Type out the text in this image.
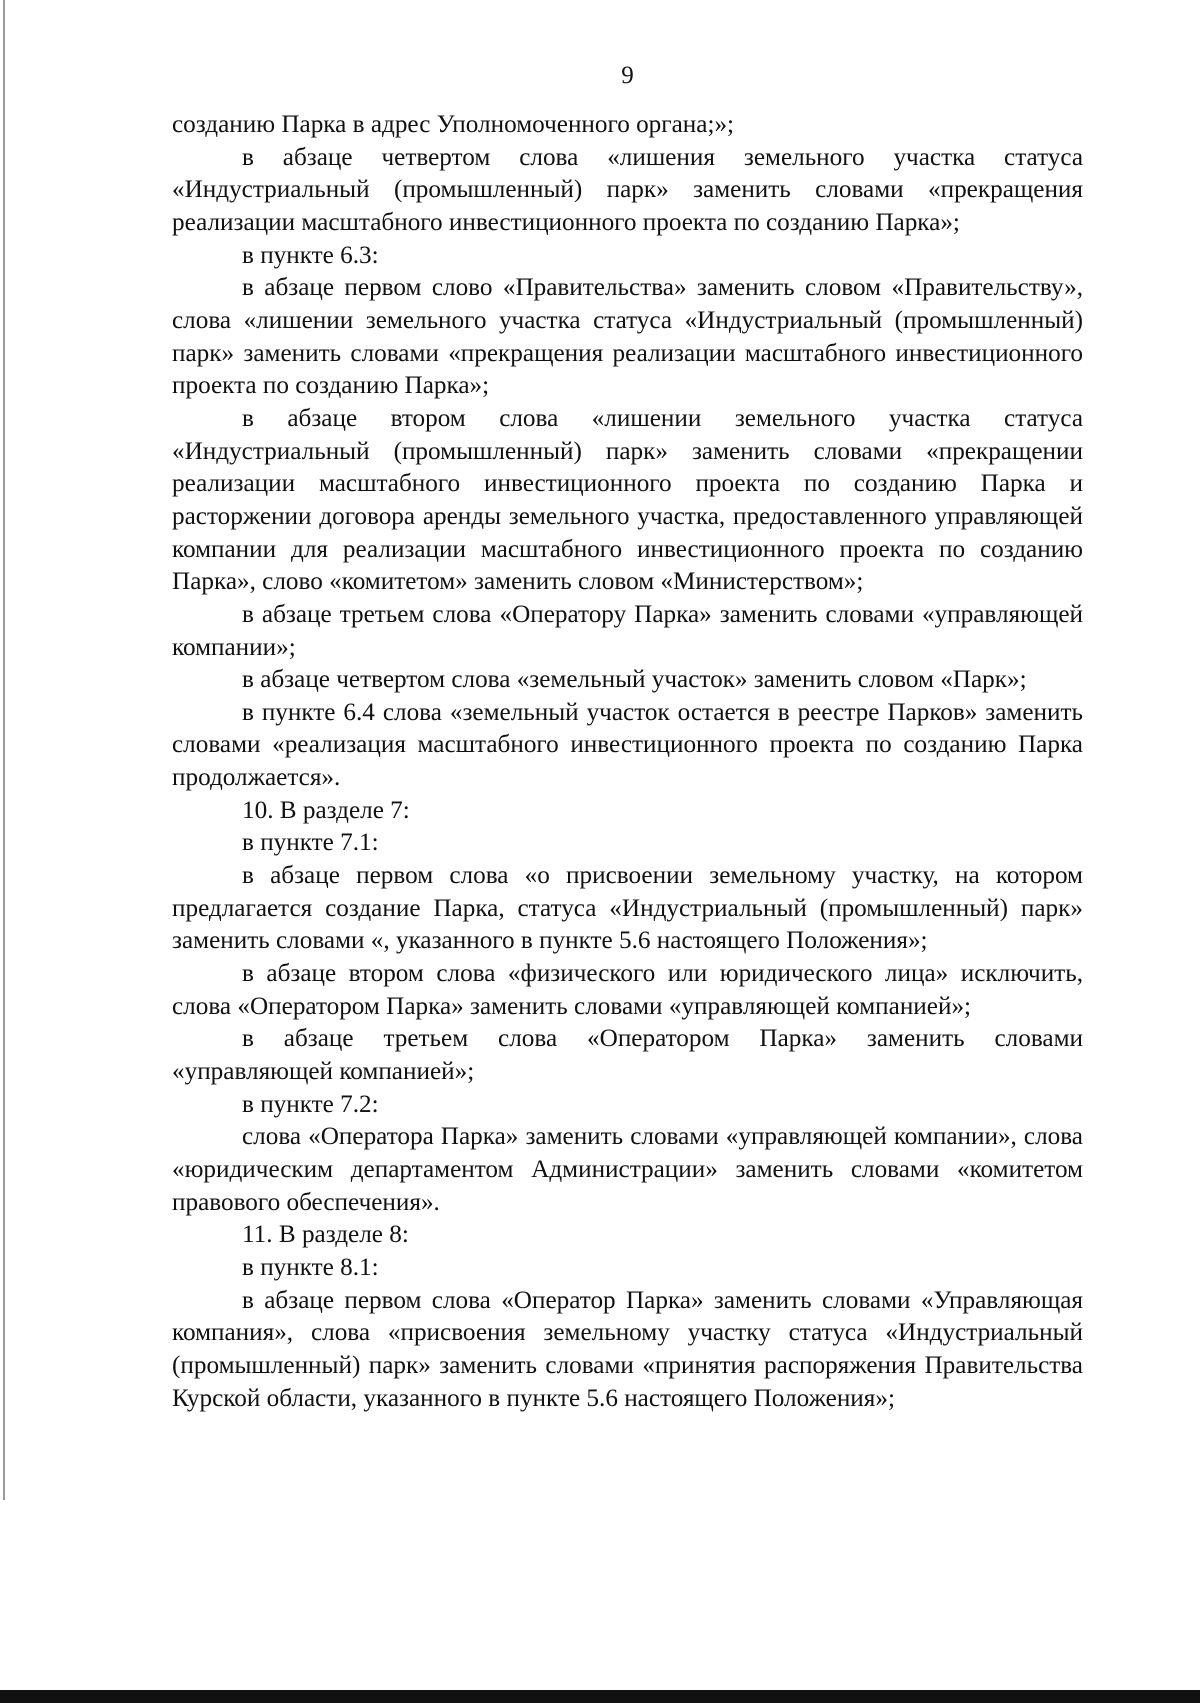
9

созданию Парка в адрес Уполномоченного органа;»;

в абзаце четвертом слова «лишения земельного участка статуса «Индустриальный (промышленный) парк» заменить словами «прекращения реализации масштабного инвестиционного проекта по созданию Парка»;

в пункте 6.3:

в абзаце первом слово «Правительства» заменить словом «Правительству», слова «лишении земельного участка статуса «Индустриальный (промышленный) парк» заменить словами «прекращения реализации масштабного инвестиционного проекта по созданию Парка»;

в абзаце втором слова «лишении земельного участка статуса «Индустриальный (промышленный) парк» заменить словами «прекращении реализации масштабного инвестиционного проекта по созданию Парка и расторжении договора аренды земельного участка, предоставленного управляющей компании для реализации масштабного инвестиционного проекта по созданию Парка», слово «комитетом» заменить словом «Министерством»;

в абзаце третьем слова «Оператору Парка» заменить словами «управляющей компании»;

в абзаце четвертом слова «земельный участок» заменить словом «Парк»;

в пункте 6.4 слова «земельный участок остается в реестре Парков» заменить словами «реализация масштабного инвестиционного проекта по созданию Парка продолжается».

10. В разделе 7:

в пункте 7.1:

в абзаце первом слова «о присвоении земельному участку, на котором предлагается создание Парка, статуса «Индустриальный (промышленный) парк» заменить словами «, указанного в пункте 5.6 настоящего Положения»;

в абзаце втором слова «физического или юридического лица» исключить, слова «Оператором Парка» заменить словами «управляющей компанией»;

в абзаце третьем слова «Оператором Парка» заменить словами «управляющей компанией»;

в пункте 7.2:

слова «Оператора Парка» заменить словами «управляющей компании», слова «юридическим департаментом Администрации» заменить словами «комитетом правового обеспечения».

11. В разделе 8:

в пункте 8.1:

в абзаце первом слова «Оператор Парка» заменить словами «Управляющая компания», слова «присвоения земельному участку статуса «Индустриальный (промышленный) парк» заменить словами «принятия распоряжения Правительства Курской области, указанного в пункте 5.6 настоящего Положения»;
